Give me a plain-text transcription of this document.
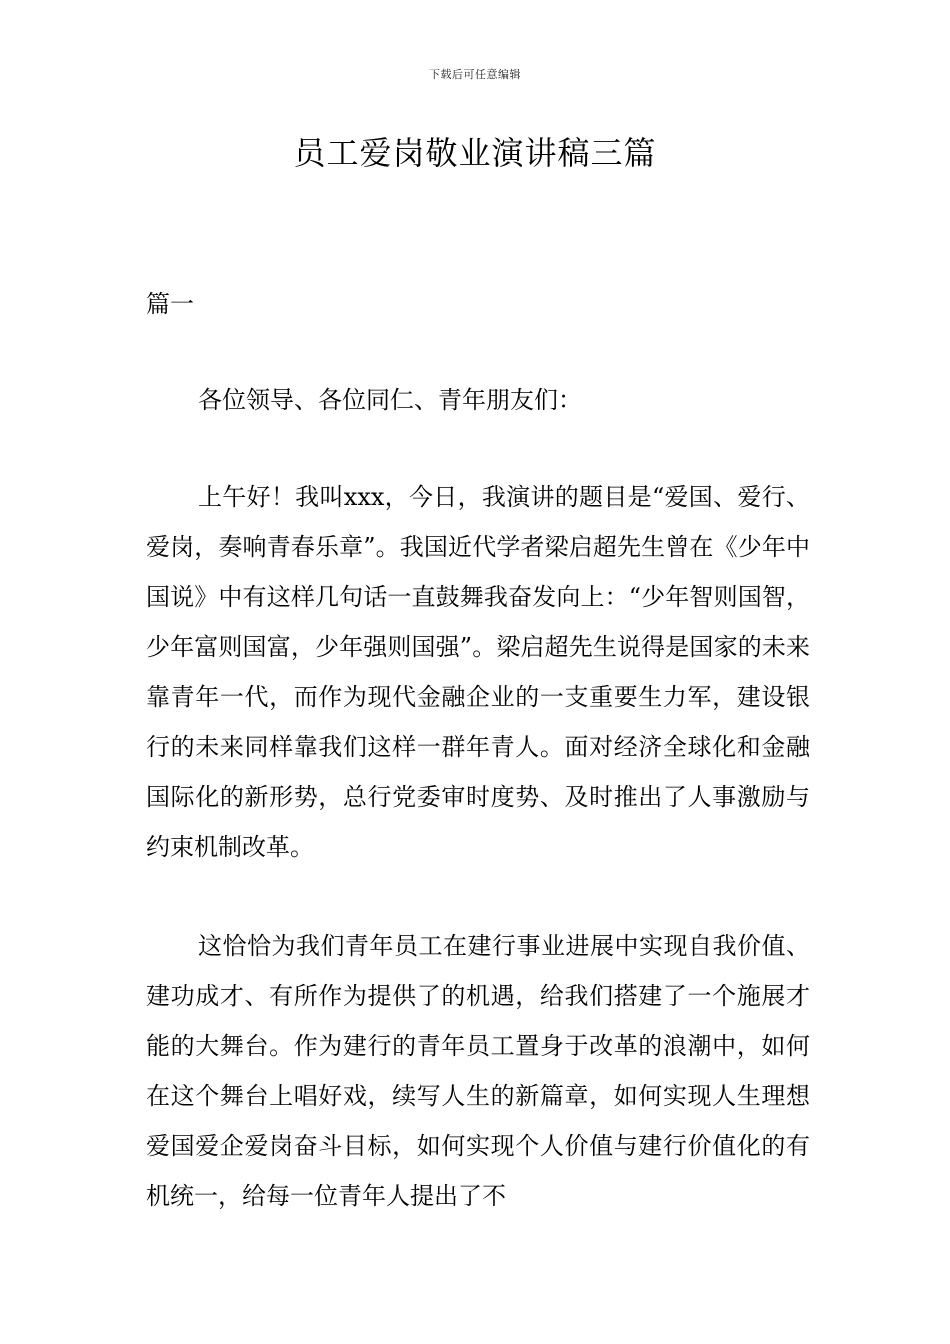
下载后可任意编辑
员工爱岗敬业演讲稿三篇

篇一

各位领导、各位同仁、青年朋友们：

上午好！我叫xxx，今日，我演讲的题目是“爱国、爱行、爱岗，奏响青春乐章”。我国近代学者梁启超先生曾在《少年中国说》中有这样几句话一直鼓舞我奋发向上：“少年智则国智，少年富则国富，少年强则国强”。梁启超先生说得是国家的未来靠青年一代，而作为现代金融企业的一支重要生力军，建设银行的未来同样靠我们这样一群年青人。面对经济全球化和金融国际化的新形势，总行党委审时度势、及时推出了人事激励与约束机制改革。

这恰恰为我们青年员工在建行事业进展中实现自我价值、建功成才、有所作为提供了的机遇，给我们搭建了一个施展才能的大舞台。作为建行的青年员工置身于改革的浪潮中，如何在这个舞台上唱好戏，续写人生的新篇章，如何实现人生理想爱国爱企爱岗奋斗目标，如何实现个人价值与建行价值化的有机统一，给每一位青年人提出了不
